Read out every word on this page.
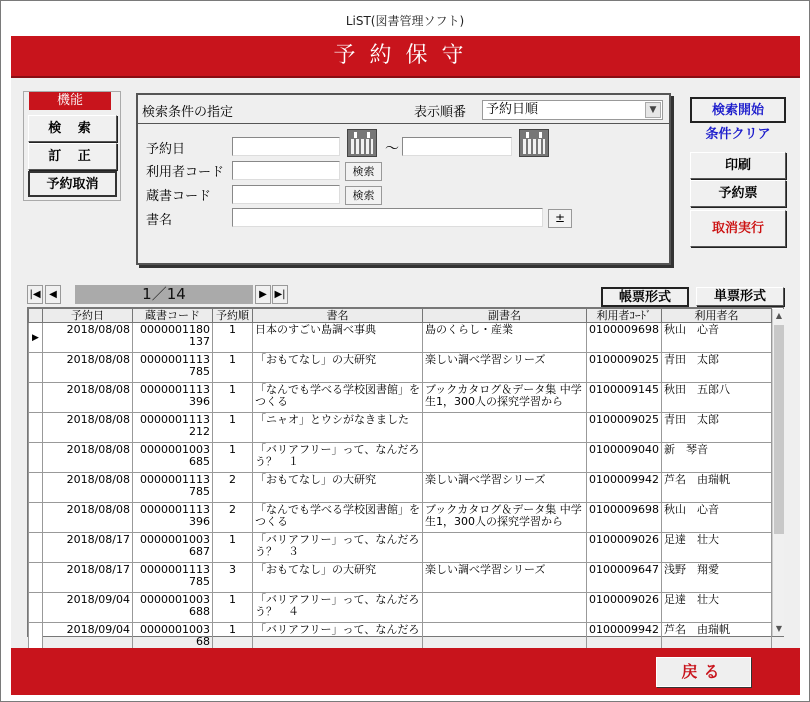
LiST(図書管理ソフト)
予約保守
機能
検 索
訂 正
予約取消
検索条件の指定	表示順番	予約日順	▼
予約日	～
利用者コード	検索
蔵書コード	検索
書名	±
検索開始
条件クリア
印刷
予約票
取消実行
|◀ ◀	1／14	▶ ▶|	帳票形式	単票形式
	予約日	蔵書コード	予約順	書名	副書名	利用者ｺｰﾄﾞ	利用者名
▶	2018/08/08	0000001180137	1	日本のすごい島調べ事典	島のくらし・産業	0100009698	秋山　心音
	2018/08/08	0000001113785	1	「おもてなし」の大研究	楽しい調べ学習シリーズ	0100009025	青田　太郎
	2018/08/08	0000001113396	1	「なんでも学べる学校図書館」をつくる	ブックカタログ＆データ集 中学生1，300人の探究学習から	0100009145	秋田　五郎八
	2018/08/08	0000001113212	1	「ニャオ」とウシがなきました		0100009025	青田　太郎
	2018/08/08	0000001003685	1	「バリアフリー」って、なんだろう？　１		0100009040	新　琴音
	2018/08/08	0000001113785	2	「おもてなし」の大研究	楽しい調べ学習シリーズ	0100009942	芦名　由瑞帆
	2018/08/08	0000001113396	2	「なんでも学べる学校図書館」をつくる	ブックカタログ＆データ集 中学生1，300人の探究学習から	0100009698	秋山　心音
	2018/08/17	0000001003687	1	「バリアフリー」って、なんだろう？　３		0100009026	足達　壮大
	2018/08/17	0000001113785	3	「おもてなし」の大研究	楽しい調べ学習シリーズ	0100009647	浅野　翔愛
	2018/09/04	0000001003688	1	「バリアフリー」って、なんだろう？　４		0100009026	足達　壮大
	2018/09/04	000000100368	1	「バリアフリー」って、なんだろ		0100009942	芦名　由瑞帆
▲
▼
戻る
